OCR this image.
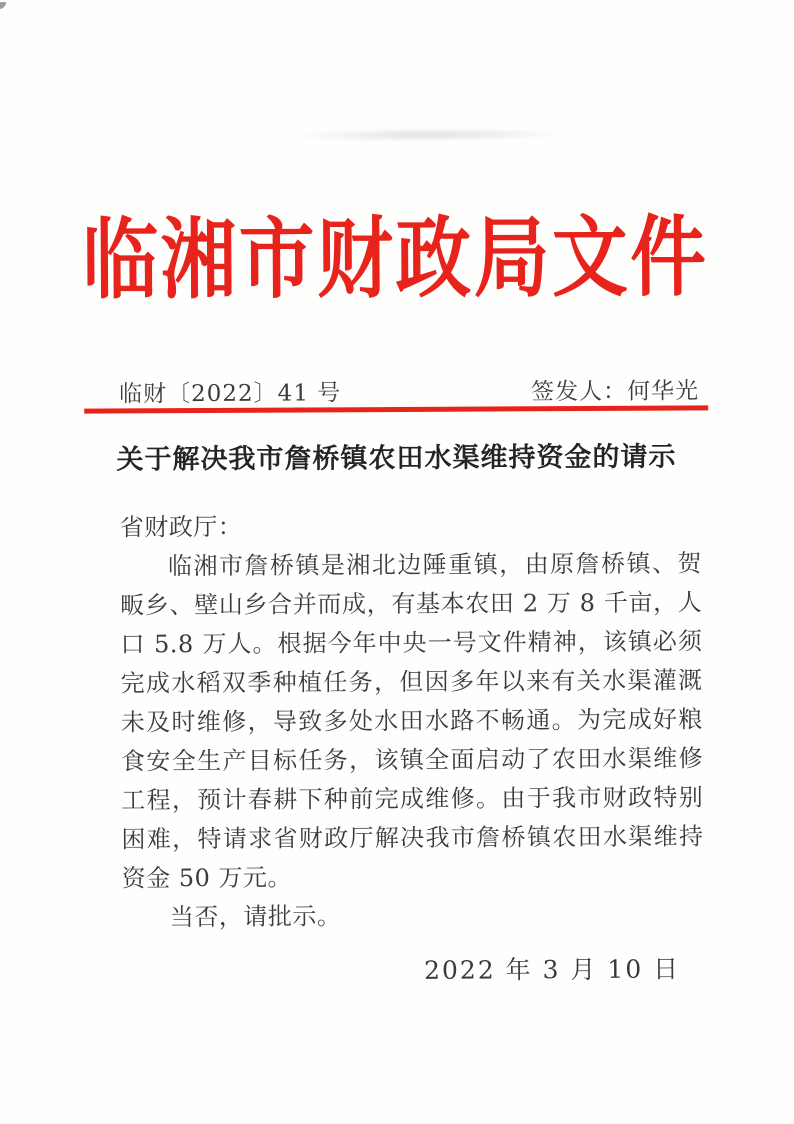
临湘市财政局文件
临财〔2022〕41 号	签发人：何华光
关于解决我市詹桥镇农田水渠维持资金的请示

省财政厅：

临湘市詹桥镇是湘北边陲重镇，由原詹桥镇、贺畈乡、壁山乡合并而成，有基本农田 2 万 8 千亩，人口 5.8 万人。根据今年中央一号文件精神，该镇必须完成水稻双季种植任务，但因多年以来有关水渠灌溉未及时维修，导致多处水田水路不畅通。为完成好粮食安全生产目标任务，该镇全面启动了农田水渠维修工程，预计春耕下种前完成维修。由于我市财政特别困难，特请求省财政厅解决我市詹桥镇农田水渠维持资金 50 万元。

当否，请批示。

2022 年 3 月 10 日
